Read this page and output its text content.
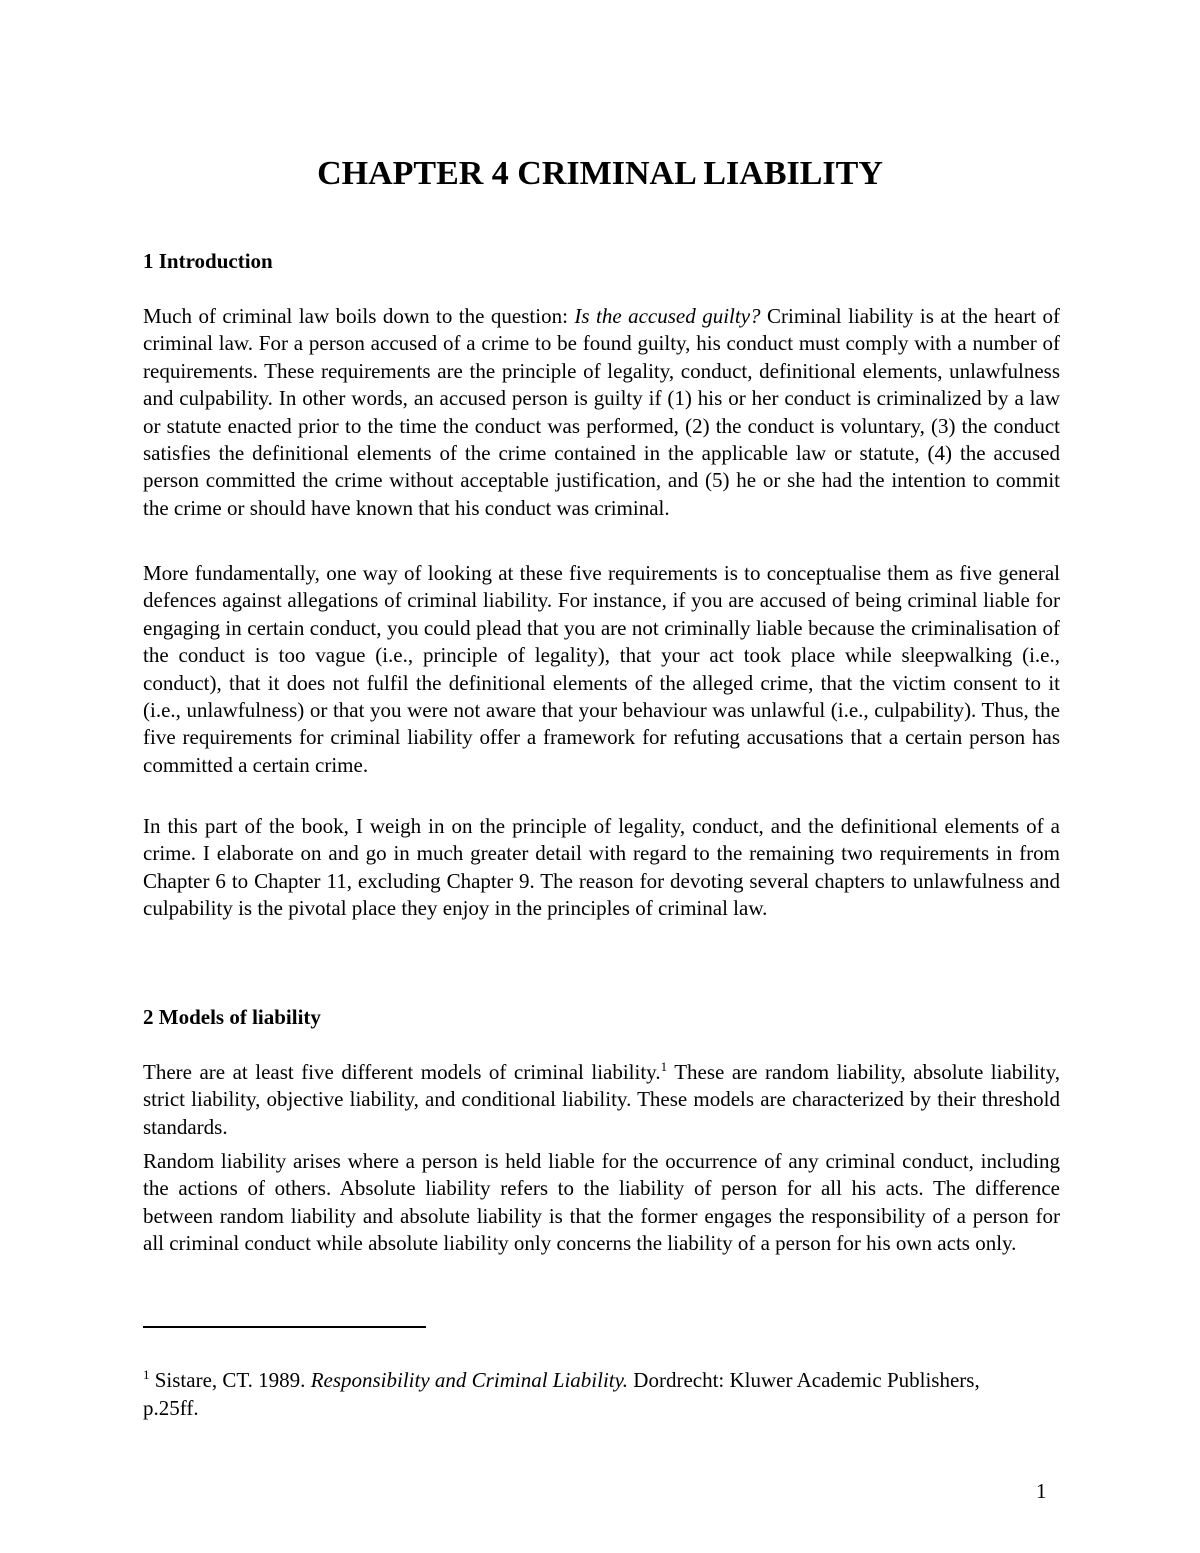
CHAPTER 4 CRIMINAL LIABILITY
1 Introduction

Much of criminal law boils down to the question: Is the accused guilty? Criminal liability is at the heart of criminal law. For a person accused of a crime to be found guilty, his conduct must comply with a number of requirements. These requirements are the principle of legality, conduct, definitional elements, unlawfulness and culpability. In other words, an accused person is guilty if (1) his or her conduct is criminalized by a law or statute enacted prior to the time the conduct was performed, (2) the conduct is voluntary, (3) the conduct satisfies the definitional elements of the crime contained in the applicable law or statute, (4) the accused person committed the crime without acceptable justification, and (5) he or she had the intention to commit the crime or should have known that his conduct was criminal.

More fundamentally, one way of looking at these five requirements is to conceptualise them as five general defences against allegations of criminal liability. For instance, if you are accused of being criminal liable for engaging in certain conduct, you could plead that you are not criminally liable because the criminalisation of the conduct is too vague (i.e., principle of legality), that your act took place while sleepwalking (i.e., conduct), that it does not fulfil the definitional elements of the alleged crime, that the victim consent to it (i.e., unlawfulness) or that you were not aware that your behaviour was unlawful (i.e., culpability). Thus, the five requirements for criminal liability offer a framework for refuting accusations that a certain person has committed a certain crime.

In this part of the book, I weigh in on the principle of legality, conduct, and the definitional elements of a crime. I elaborate on and go in much greater detail with regard to the remaining two requirements in from Chapter 6 to Chapter 11, excluding Chapter 9. The reason for devoting several chapters to unlawfulness and culpability is the pivotal place they enjoy in the principles of criminal law.

2 Models of liability

There are at least five different models of criminal liability.$^1$ These are random liability, absolute liability, strict liability, objective liability, and conditional liability. These models are characterized by their threshold standards.

Random liability arises where a person is held liable for the occurrence of any criminal conduct, including the actions of others. Absolute liability refers to the liability of person for all his acts. The difference between random liability and absolute liability is that the former engages the responsibility of a person for all criminal conduct while absolute liability only concerns the liability of a person for his own acts only.

$^1$ Sistare, CT. 1989. Responsibility and Criminal Liability. Dordrecht: Kluwer Academic Publishers, p.25ff.

1
